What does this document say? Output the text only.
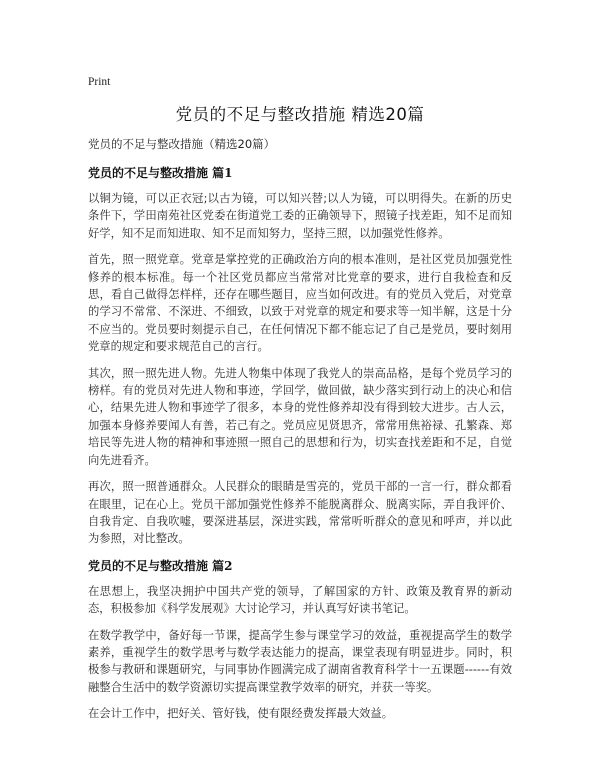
Print
党员的不足与整改措施 精选20篇
党员的不足与整改措施（精选20篇）
党员的不足与整改措施 篇1

以铜为镜，可以正衣冠;以古为镜，可以知兴替;以人为镜，可以明得失。在新的历史条件下，学田南苑社区党委在街道党工委的正确领导下，照镜子找差距，知不足而知好学，知不足而知进取、知不足而知努力，坚持三照，以加强党性修养。

首先，照一照党章。党章是掌控党的正确政治方向的根本准则，是社区党员加强党性修养的根本标准。每一个社区党员都应当常常对比党章的要求，进行自我检查和反思，看自己做得怎样样，还存在哪些题目，应当如何改进。有的党员入党后，对党章的学习不常常、不深进、不细致，以致于对党章的规定和要求等一知半解，这是十分不应当的。党员要时刻提示自己，在任何情况下都不能忘记了自己是党员，要时刻用党章的规定和要求规范自己的言行。

其次，照一照先进人物。先进人物集中体现了我党人的崇高品格，是每个党员学习的榜样。有的党员对先进人物和事迹，学回学，做回做，缺少落实到行动上的决心和信心，结果先进人物和事迹学了很多，本身的党性修养却没有得到较大进步。古人云，加强本身修养要闻人有善，若己有之。党员应见贤思齐，常常用焦裕禄、孔繁森、郑培民等先进人物的精神和事迹照一照自己的思想和行为，切实查找差距和不足，自觉向先进看齐。

再次，照一照普通群众。人民群众的眼睛是雪亮的，党员干部的一言一行，群众都看在眼里，记在心上。党员干部加强党性修养不能脱离群众、脱离实际，弄自我评价、自我肯定、自我吹嘘，要深进基层，深进实践，常常听听群众的意见和呼声，并以此为参照，对比整改。

党员的不足与整改措施 篇2

在思想上，我坚决拥护中国共产党的领导，了解国家的方针、政策及教育界的新动态，积极参加《科学发展观》大讨论学习，并认真写好读书笔记。

在数学教学中，备好每一节课，提高学生参与课堂学习的效益，重视提高学生的数学素养，重视学生的数学思考与数学表达能力的提高，课堂表现有明显进步。同时，积极参与教研和课题研究，与同事协作圆满完成了湖南省教育科学十一五课题------有效融整合生活中的数学资源切实提高课堂教学效率的研究，并获一等奖。

在会计工作中，把好关、管好钱，使有限经费发挥最大效益。
